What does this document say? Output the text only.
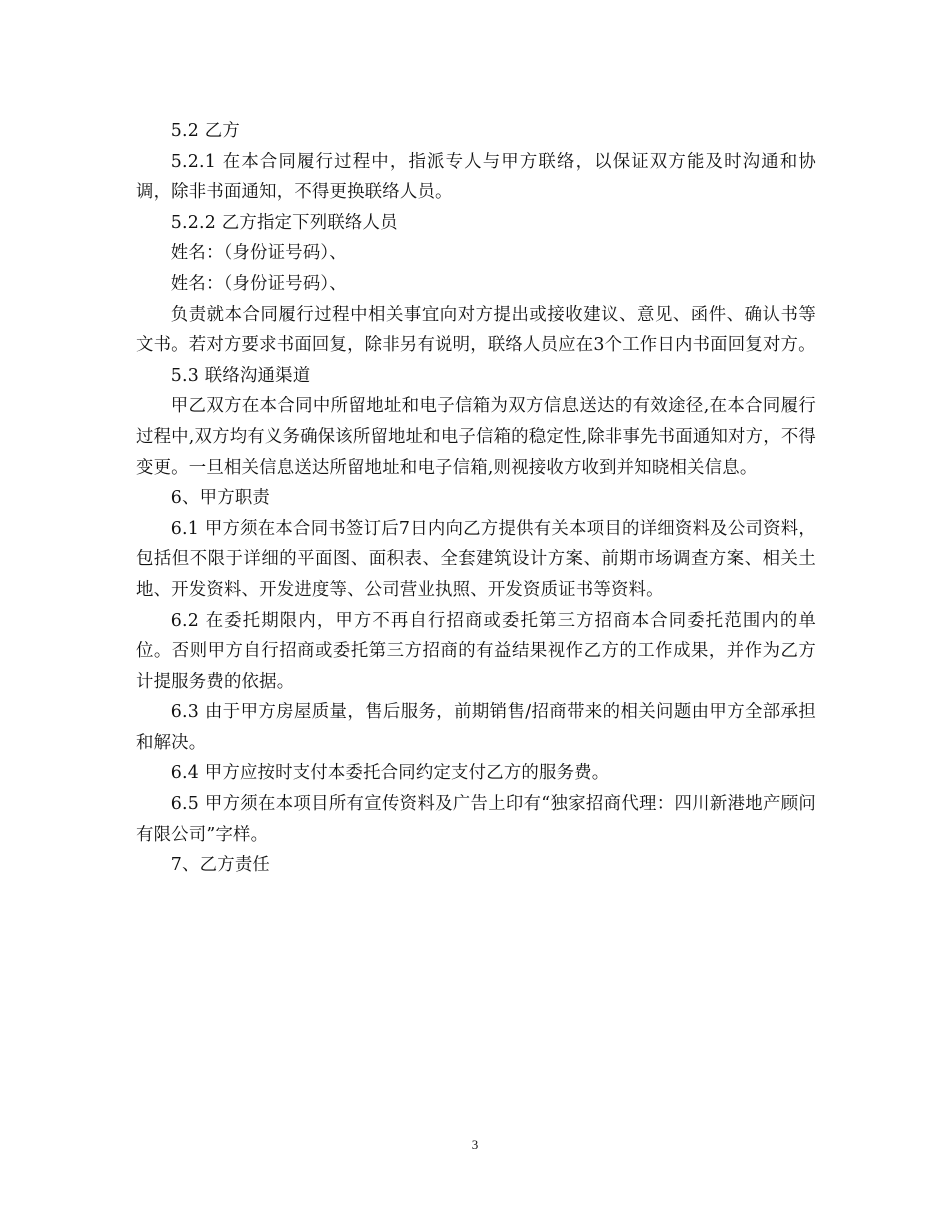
5.2 乙方

5.2.1 在本合同履行过程中，指派专人与甲方联络，以保证双方能及时沟通和协调，除非书面通知，不得更换联络人员。

5.2.2 乙方指定下列联络人员

姓名：（身份证号码）、

姓名：（身份证号码）、

负责就本合同履行过程中相关事宜向对方提出或接收建议、意见、函件、确认书等文书。若对方要求书面回复，除非另有说明，联络人员应在3个工作日内书面回复对方。

5.3 联络沟通渠道

甲乙双方在本合同中所留地址和电子信箱为双方信息送达的有效途径,在本合同履行过程中,双方均有义务确保该所留地址和电子信箱的稳定性,除非事先书面通知对方，不得变更。一旦相关信息送达所留地址和电子信箱,则视接收方收到并知晓相关信息。

6、甲方职责

6.1 甲方须在本合同书签订后7日内向乙方提供有关本项目的详细资料及公司资料，包括但不限于详细的平面图、面积表、全套建筑设计方案、前期市场调查方案、相关土地、开发资料、开发进度等、公司营业执照、开发资质证书等资料。

6.2 在委托期限内，甲方不再自行招商或委托第三方招商本合同委托范围内的单位。否则甲方自行招商或委托第三方招商的有益结果视作乙方的工作成果，并作为乙方计提服务费的依据。

6.3 由于甲方房屋质量，售后服务，前期销售/招商带来的相关问题由甲方全部承担和解决。

6.4 甲方应按时支付本委托合同约定支付乙方的服务费。

6.5 甲方须在本项目所有宣传资料及广告上印有“独家招商代理：四川新港地产顾问有限公司”字样。

7、乙方责任

3
